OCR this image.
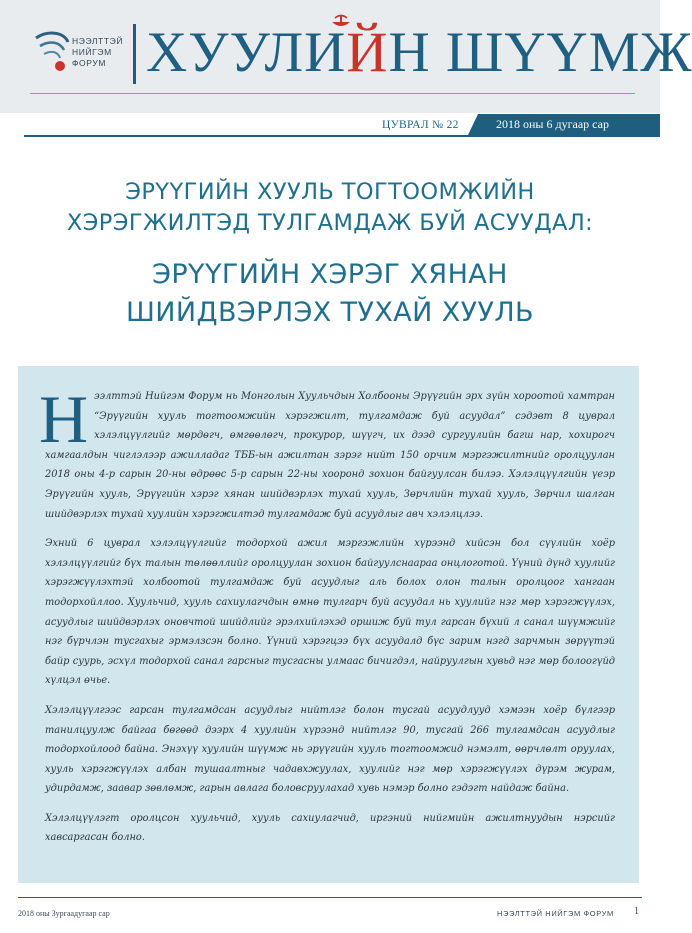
НЭЭЛТТЭЙ
НИЙГЭМ
ФОРУМ ХУУЛИЙН ШҮҮМЖ
ЦУВРАЛ № 22	2018 оны 6 дугаар сар
ЭРҮҮГИЙН ХУУЛЬ ТОГТООМЖИЙН
ХЭРЭГЖИЛТЭД ТУЛГАМДАЖ БУЙ АСУУДАЛ:
ЭРҮҮГИЙН ХЭРЭГ ХЯНАН
ШИЙДВЭРЛЭХ ТУХАЙ ХУУЛЬ

Нээлттэй Нийгэм Форум нь Монголын Хуульчдын Холбооны Эрүүгийн эрх зүйн хороотой хамтран “Эрүүгийн хууль тогтоомжийн хэрэгжилт, тулгамдаж буй асуудал” сэдэвт 8 цуврал хэлэлцүүлгийг мөрдөгч, өмгөөлөгч, прокурор, шүүгч, их дээд сургуулийн багш нар, хохирогч хамгаалдын чиглэлээр ажилладаг ТББ-ын ажилтан зэрэг нийт 150 орчим мэргэжилтнийг оролцуулан 2018 оны 4-р сарын 20-ны өдрөөс 5-р сарын 22-ны хооронд зохион байгуулсан билээ. Хэлэлцүүлгийн үеэр Эрүүгийн хууль, Эрүүгийн хэрэг хянан шийдвэрлэх тухай хууль, Зөрчлийн тухай хууль, Зөрчил шалган шийдвэрлэх тухай хуулийн хэрэгжилтэд тулгамдаж буй асуудлыг авч хэлэлцлээ.

Эхний 6 цуврал хэлэлцүүлгийг тодорхой ажил мэргэжлийн хүрээнд хийсэн бол сүүлийн хоёр хэлэлцүүлгийг бүх талын төлөөллийг оролцуулан зохион байгуулснаараа онцлоготой. Үүний дүнд хуулийг хэрэгжүүлэхтэй холбоотой тулгамдаж буй асуудлыг аль болох олон талын оролцоог хангаан тодорхойллоо. Хуульчид, хууль сахиулагчдын өмнө тулгарч буй асуудал нь хуулийг нэг мөр хэрэгжүүлэх, асуудлыг шийдвэрлэх оновчтой шийдлийг эрэлхийлэхэд оршиж буй тул гарсан бүхий л санал шүүмжийг нэг бүрчлэн тусгахыг эрмэлзсэн болно. Үүний хэрэгцээ бүх асуудалд бүс зарим нэгд зарчмын зөрүүтэй байр суурь, эсхүл тодорхой санал гарсныг тусгасны улмаас бичигдэл, найруулгын хувьд нэг мөр болоогүйд хүлцэл өчье.

Хэлэлцүүлгээс гарсан тулгамдсан асуудлыг нийтлэг болон тусгай асуудлууд хэмээн хоёр бүлгээр танилцуулж байгаа бөгөөд дээрх 4 хуулийн хүрээнд нийтлэг 90, тусгай 266 тулгамдсан асуудлыг тодорхойлоод байна. Энэхүү хуулийн шүүмж нь эрүүгийн хууль тогтоомжид нэмэлт, өөрчлөлт оруулах, хууль хэрэгжүүлэх албан тушаалтныг чадавхжуулах, хуулийг нэг мөр хэрэгжүүлэх дүрэм журам, удирдамж, заавар зөвлөмж, гарын авлага боловсруулахад хувь нэмэр болно гэдэгт найдаж байна.

Хэлэлцүүлэгт оролцсон хуульчид, хууль сахиулагчид, иргэний нийгмийн ажилтнуудын нэрсийг хавсаргасан болно.

2018 оны Зургаадугаар сар	НЭЭЛТТЭЙ НИЙГЭМ ФОРУМ 1
